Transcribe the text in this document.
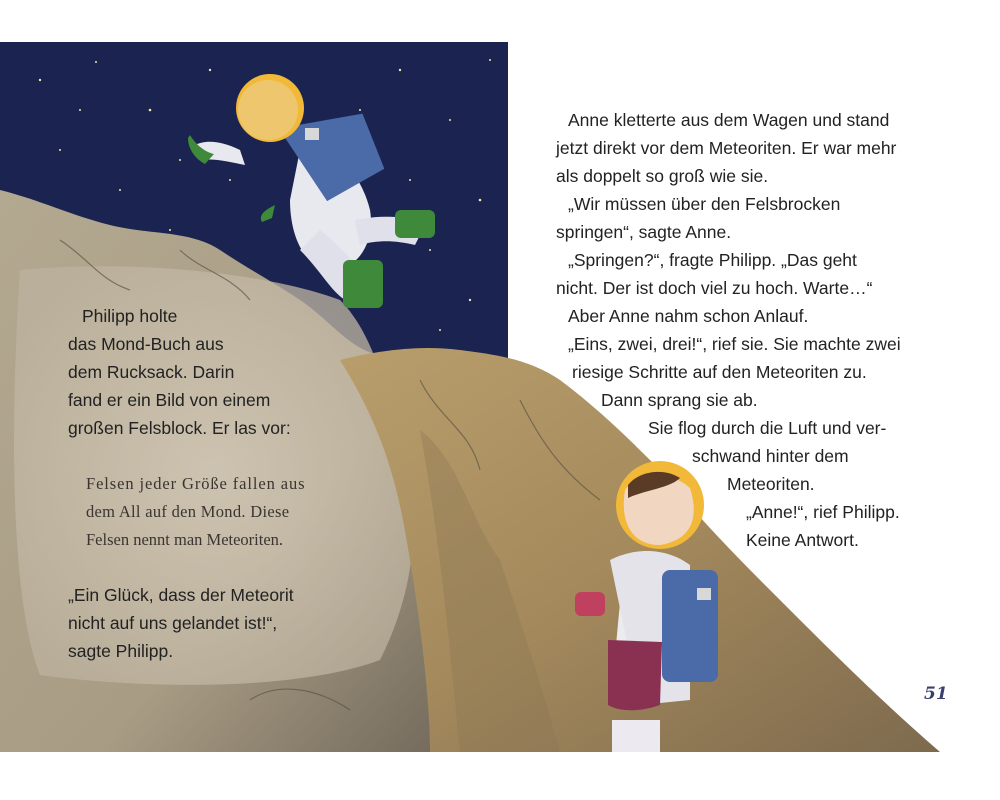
Philipp holte
das Mond-Buch aus
dem Rucksack. Darin
fand er ein Bild von einem
großen Felsblock. Er las vor:
Felsen jeder Größe fallen aus
dem All auf den Mond. Diese
Felsen nennt man Meteoriten.
„Ein Glück, dass der Meteorit
nicht auf uns gelandet ist!“,
sagte Philipp.
Anne kletterte aus dem Wagen und stand
jetzt direkt vor dem Meteoriten. Er war mehr
als doppelt so groß wie sie.
„Wir müssen über den Felsbrocken
springen“, sagte Anne.
„Springen?“, fragte Philipp. „Das geht
nicht. Der ist doch viel zu hoch. Warte…“
Aber Anne nahm schon Anlauf.
„Eins, zwei, drei!“, rief sie. Sie machte zwei
riesige Schritte auf den Meteoriten zu.
Dann sprang sie ab.
Sie flog durch die Luft und ver-
schwand hinter dem
Meteoriten.
„Anne!“, rief Philipp.
Keine Antwort.
51
